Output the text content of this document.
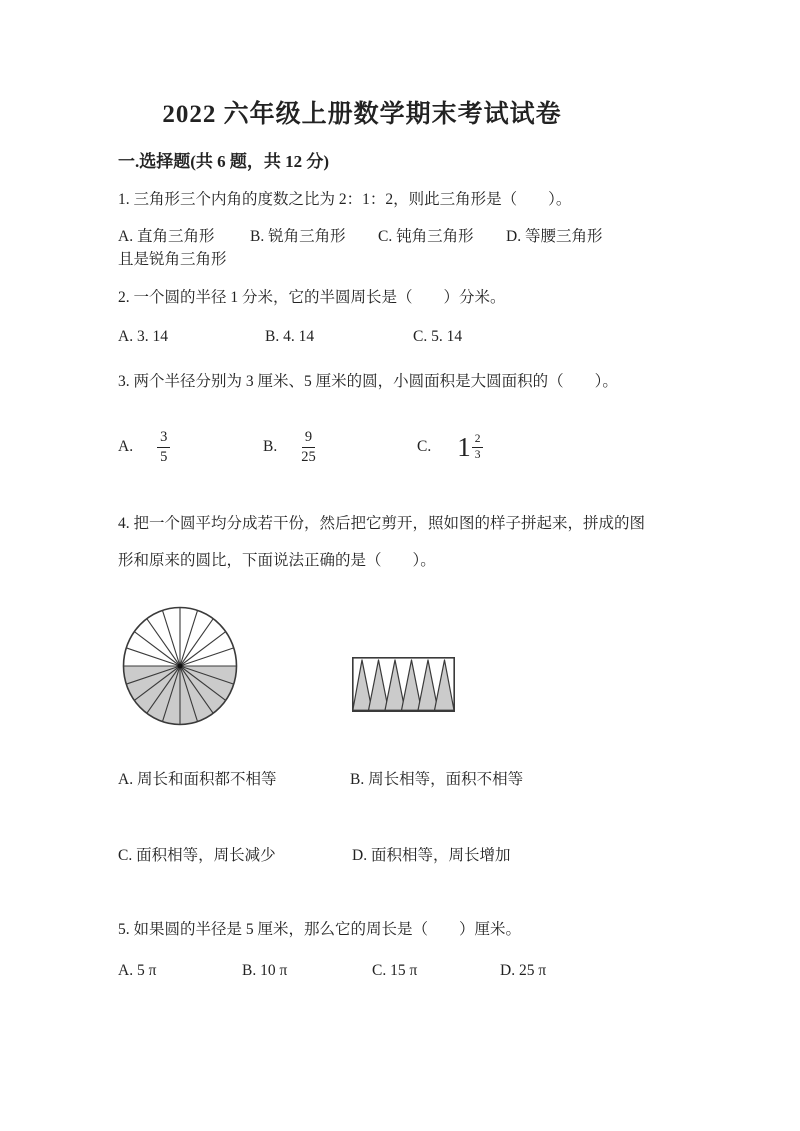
2022 六年级上册数学期末考试试卷
一.选择题(共 6 题，共 12 分)
1. 三角形三个内角的度数之比为 2：1：2，则此三角形是（　　）。
A. 直角三角形 B. 锐角三角形 C. 钝角三角形 D. 等腰三角形
且是锐角三角形
2. 一个圆的半径 1 分米，它的半圆周长是（　　）分米。
A. 3. 14	B. 4. 14	C. 5. 14
3. 两个半径分别为 3 厘米、5 厘米的圆，小圆面积是大圆面积的（　　）。
A. $\frac{3}{5}$	B. $\frac{9}{25}$	C. $1 \frac{2}{3}$
4. 把一个圆平均分成若干份，然后把它剪开，照如图的样子拼起来，拼成的图
形和原来的圆比，下面说法正确的是（　　）。
A. 周长和面积都不相等	B. 周长相等，面积不相等
C. 面积相等，周长减少	D. 面积相等，周长增加
5. 如果圆的半径是 5 厘米，那么它的周长是（　　）厘米。
A. 5 π	B. 10 π	C. 15 π	D. 25 π
